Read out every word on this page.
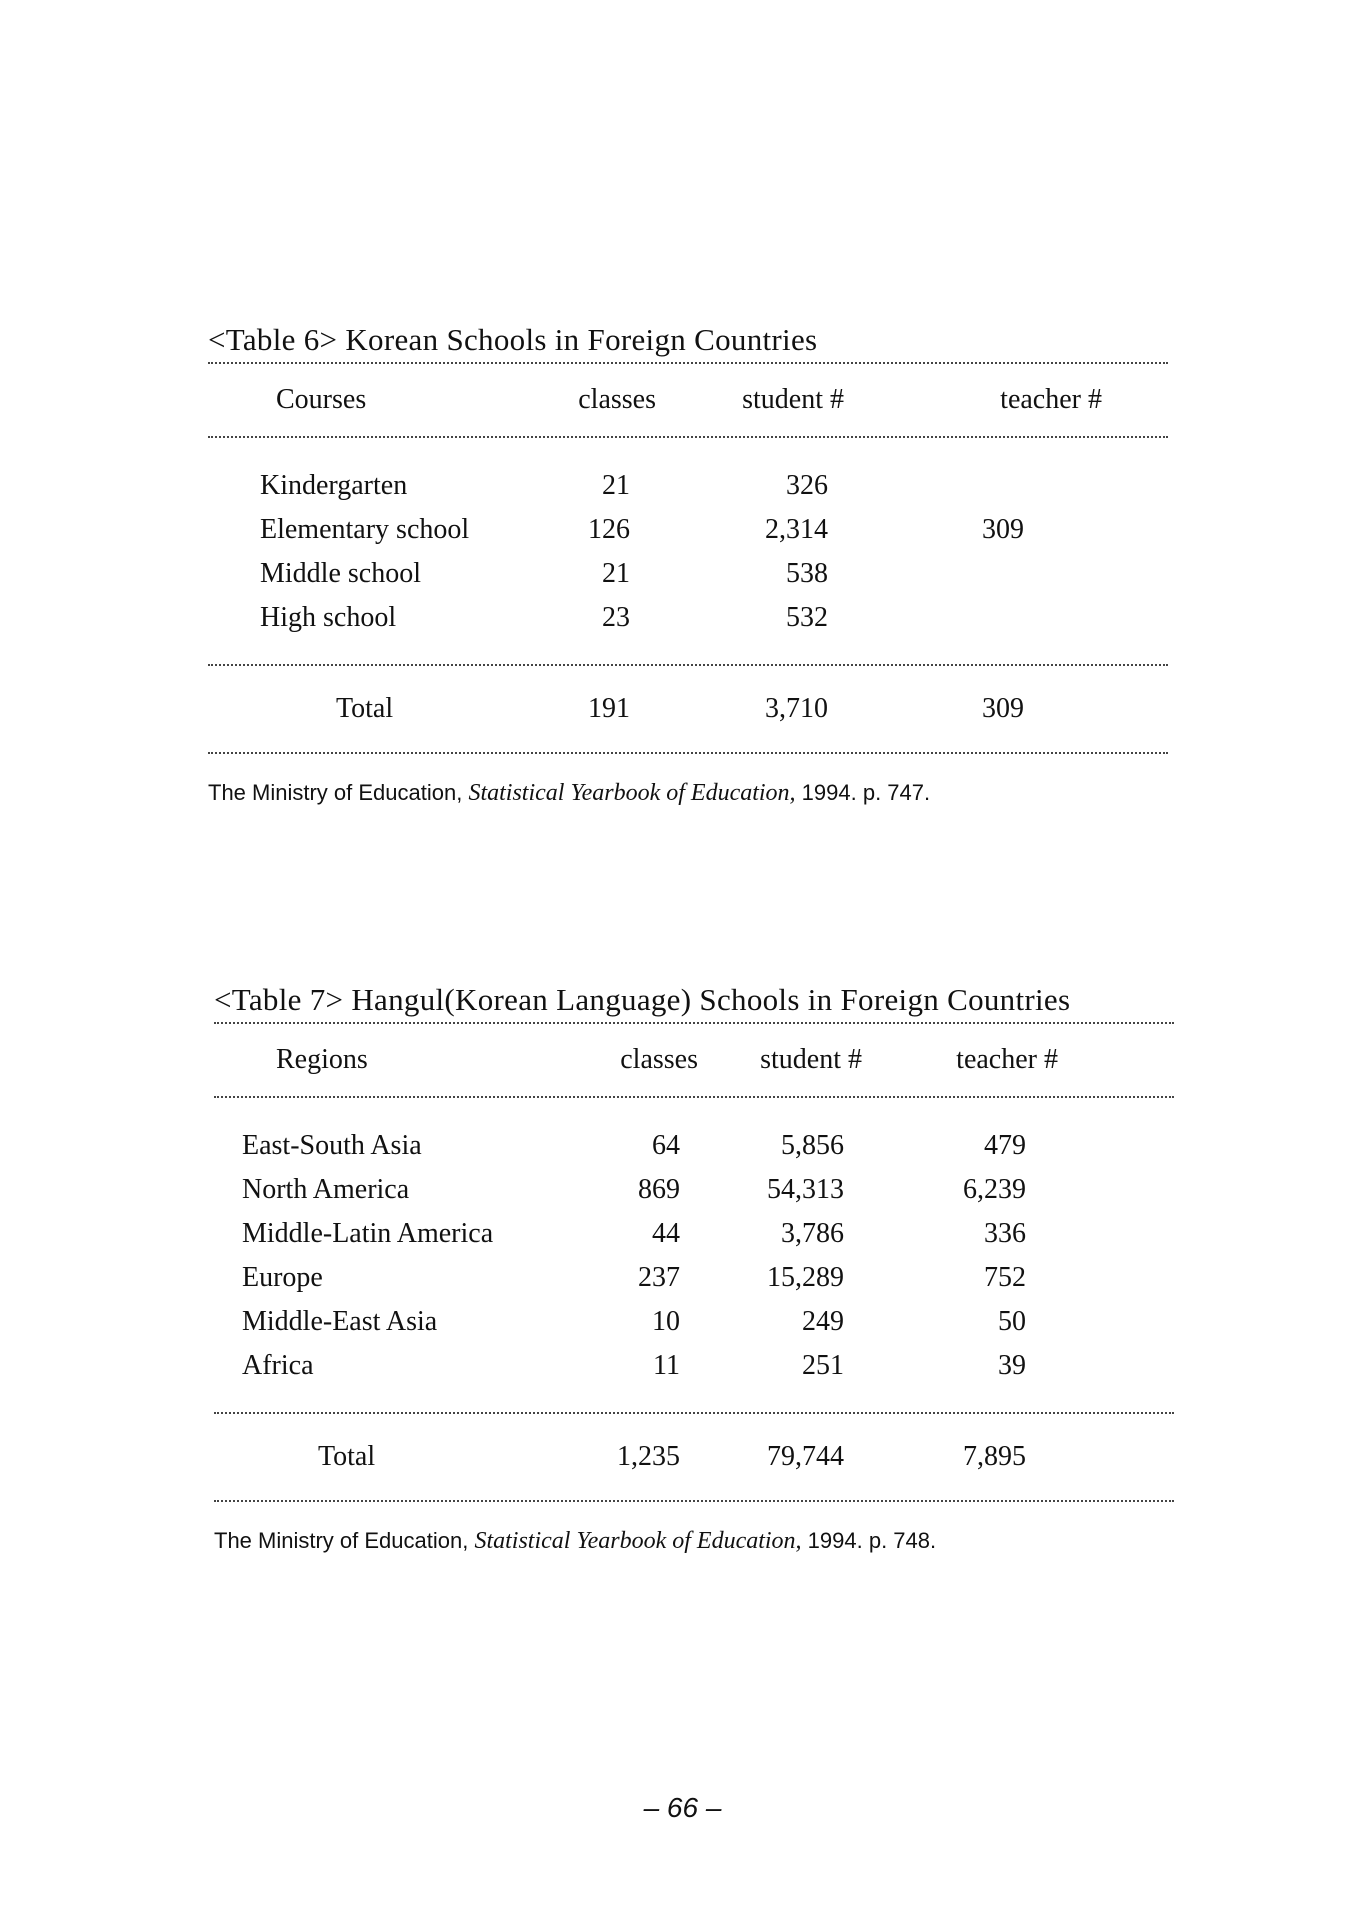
<Table 6> Korean Schools in Foreign Countries
Courses	classes	student #	teacher #
Kindergarten	21	326
Elementary school	126	2,314	309
Middle school	21	538
High school	23	532
Total	191	3,710	309
The Ministry of Education, Statistical Yearbook of Education, 1994. p. 747.
<Table 7> Hangul(Korean Language) Schools in Foreign Countries
Regions	classes	student #	teacher #
East-South Asia	64	5,856	479
North America	869	54,313	6,239
Middle-Latin America	44	3,786	336
Europe	237	15,289	752
Middle-East Asia	10	249	50
Africa	11	251	39
Total	1,235	79,744	7,895
The Ministry of Education, Statistical Yearbook of Education, 1994. p. 748.
– 66 –
